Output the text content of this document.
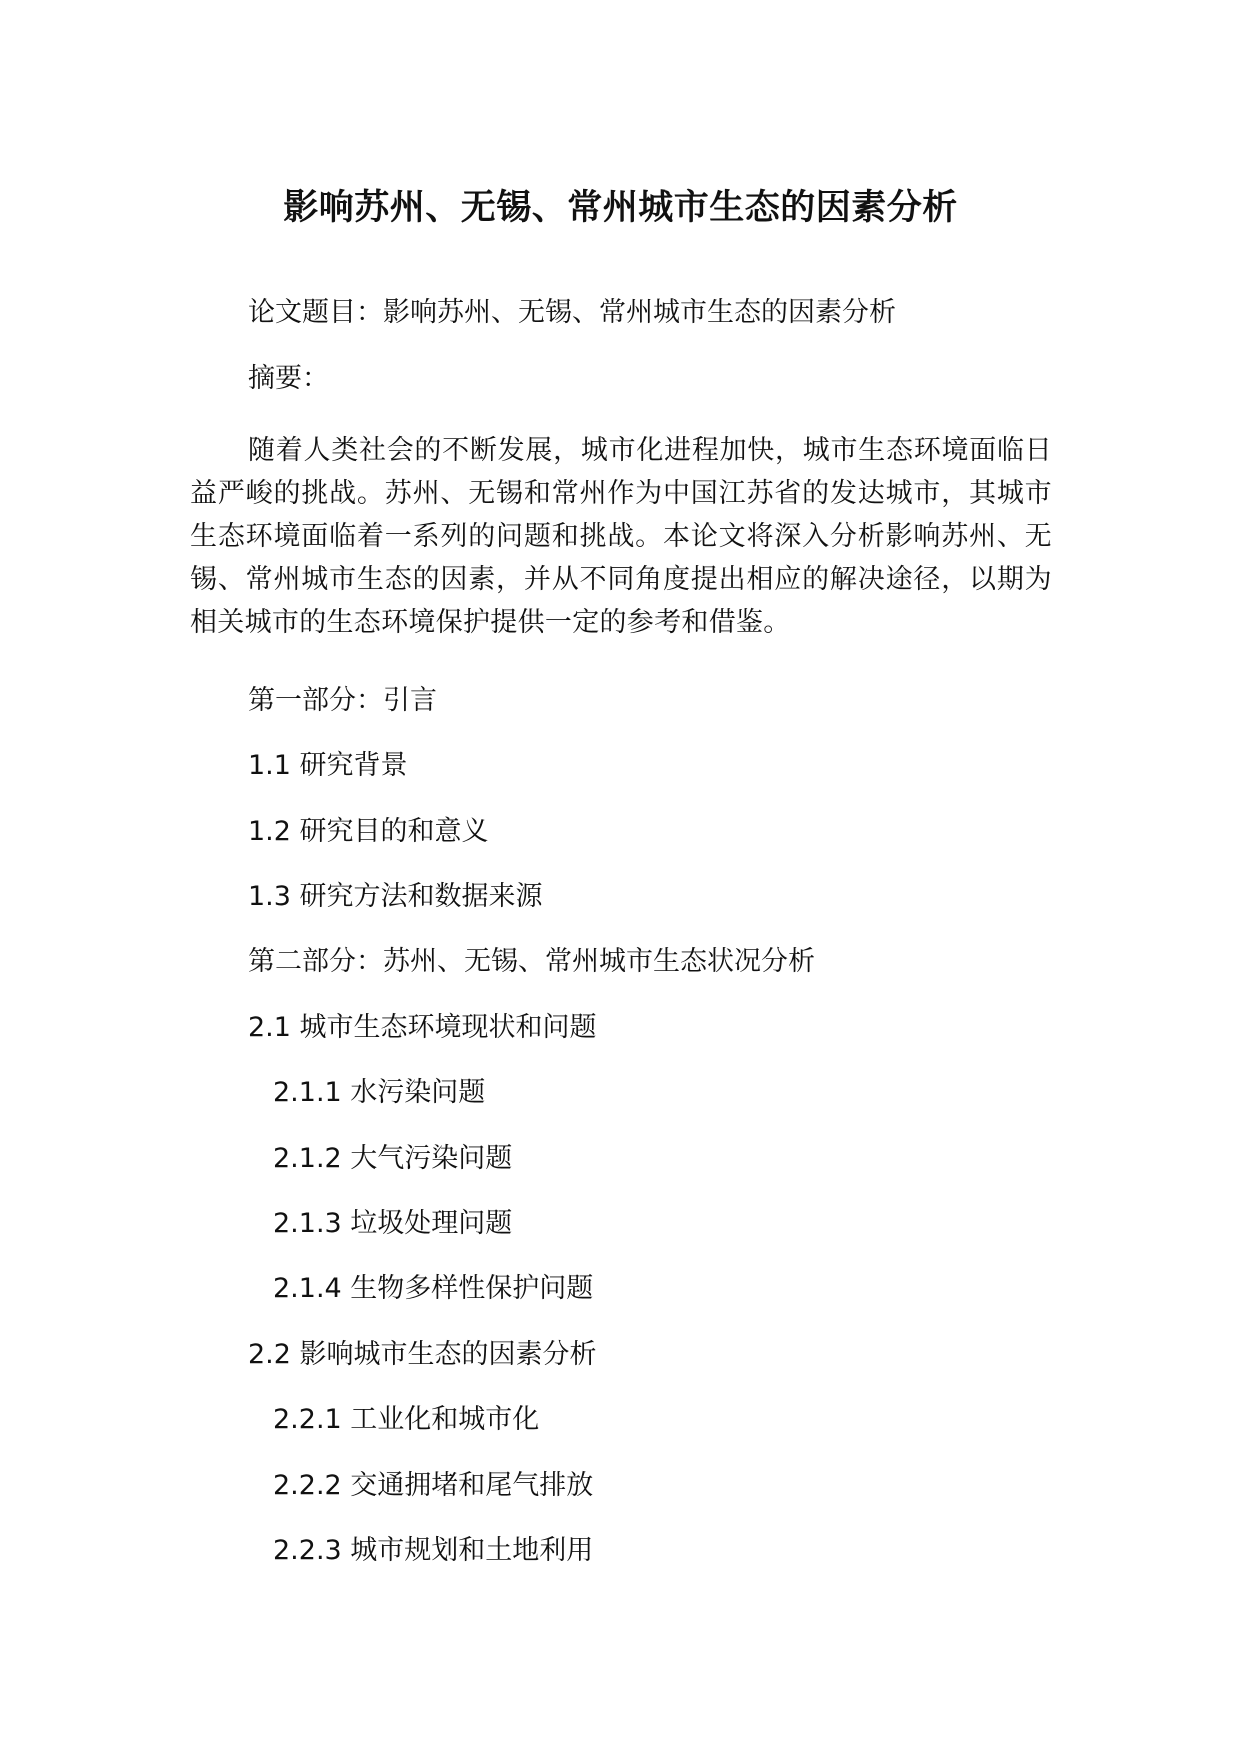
影响苏州、无锡、常州城市生态的因素分析

论文题目：影响苏州、无锡、常州城市生态的因素分析

摘要：

随着人类社会的不断发展，城市化进程加快，城市生态环境面临日益严峻的挑战。苏州、无锡和常州作为中国江苏省的发达城市，其城市生态环境面临着一系列的问题和挑战。本论文将深入分析影响苏州、无锡、常州城市生态的因素，并从不同角度提出相应的解决途径，以期为相关城市的生态环境保护提供一定的参考和借鉴。

第一部分：引言

1.1 研究背景

1.2 研究目的和意义

1.3 研究方法和数据来源

第二部分：苏州、无锡、常州城市生态状况分析

2.1 城市生态环境现状和问题

2.1.1 水污染问题

2.1.2 大气污染问题

2.1.3 垃圾处理问题

2.1.4 生物多样性保护问题

2.2 影响城市生态的因素分析

2.2.1 工业化和城市化

2.2.2 交通拥堵和尾气排放

2.2.3 城市规划和土地利用
